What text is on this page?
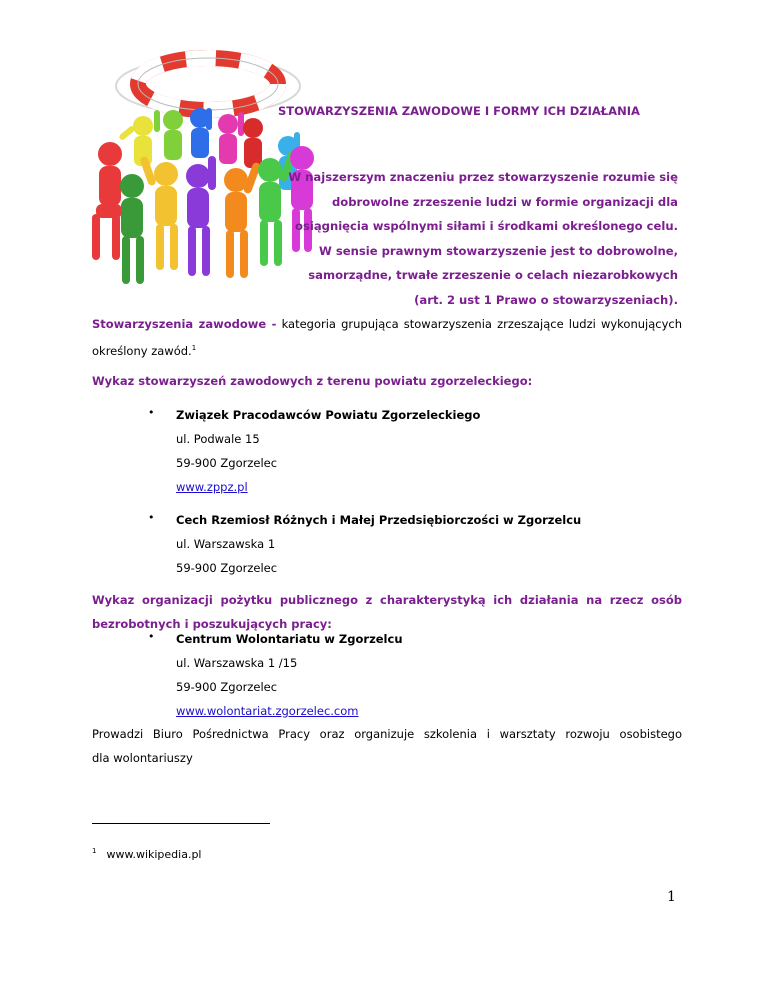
STOWARZYSZENIA ZAWODOWE I FORMY ICH DZIAŁANIA
W najszerszym znaczeniu przez stowarzyszenie rozumie się
dobrowolne zrzeszenie ludzi w formie organizacji dla
osiągnięcia wspólnymi siłami i środkami określonego celu.
W sensie prawnym stowarzyszenie jest to dobrowolne,
samorządne, trwałe zrzeszenie o celach niezarobkowych
(art. 2 ust 1 Prawo o stowarzyszeniach).
Stowarzyszenia zawodowe - kategoria grupująca stowarzyszenia zrzeszające ludzi wykonujących
określony zawód.$^1$
Wykaz stowarzyszeń zawodowych z terenu powiatu zgorzeleckiego:
• Związek Pracodawców Powiatu Zgorzeleckiego
ul. Podwale 15
59-900 Zgorzelec
www.zppz.pl
• Cech Rzemiosł Różnych i Małej Przedsiębiorczości w Zgorzelcu
ul. Warszawska 1
59-900 Zgorzelec
Wykaz organizacji pożytku publicznego z charakterystyką ich działania na rzecz osób
bezrobotnych i poszukujących pracy:
• Centrum Wolontariatu w Zgorzelcu
ul. Warszawska 1 /15
59-900 Zgorzelec
www.wolontariat.zgorzelec.com
Prowadzi Biuro Pośrednictwa Pracy oraz organizuje szkolenia i warsztaty rozwoju osobistego
dla wolontariuszy
$^1$ www.wikipedia.pl
1
